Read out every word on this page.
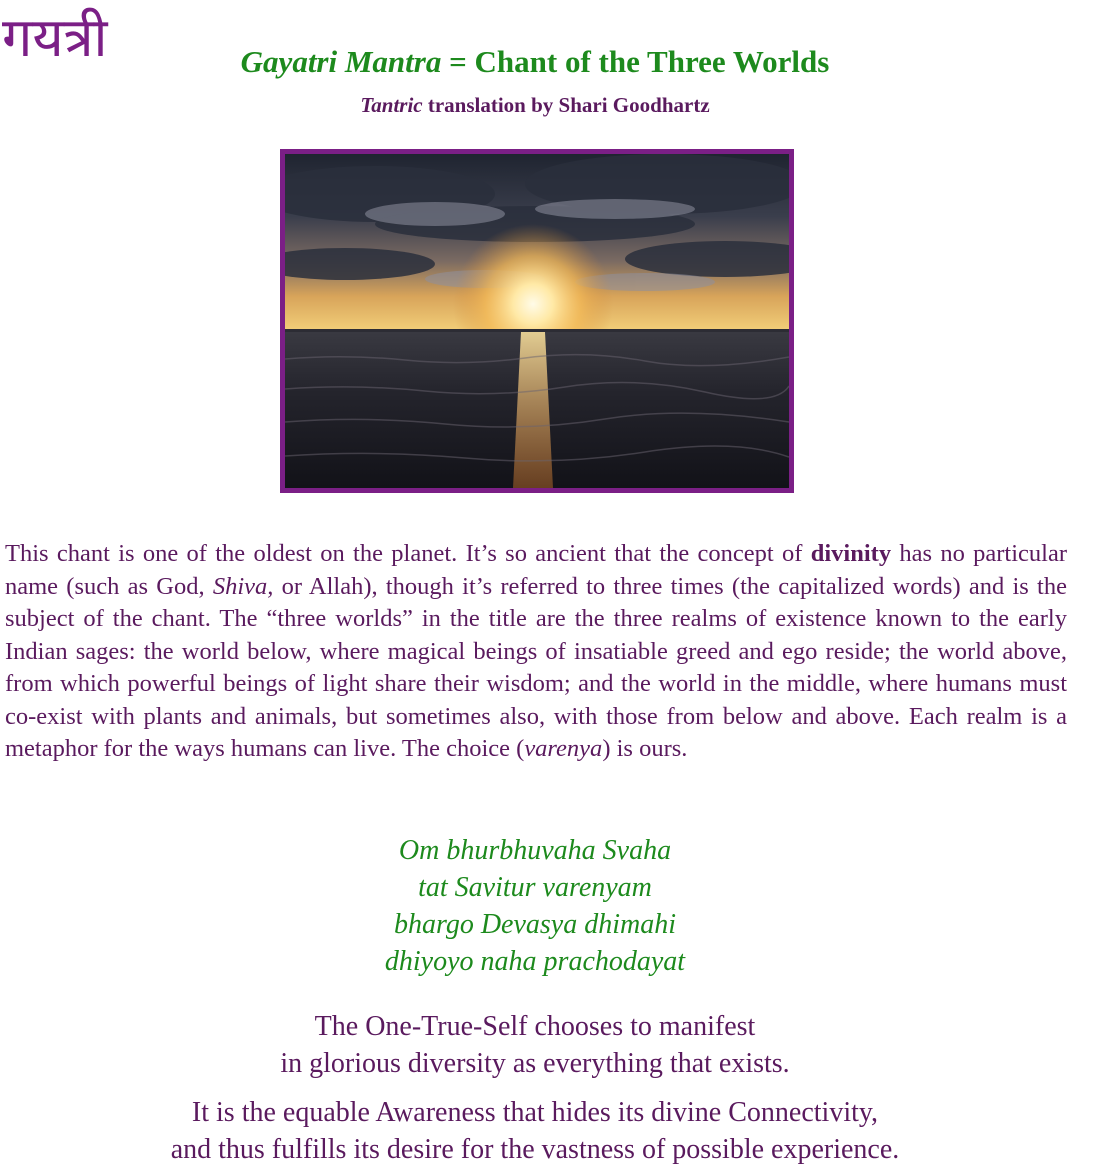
गयत्री	Gayatri Mantra = Chant of the Three Worlds
Tantric translation by Shari Goodhartz

This chant is one of the oldest on the planet. It’s so ancient that the concept of divinity has no particular name (such as God, Shiva, or Allah), though it’s referred to three times (the capitalized words) and is the subject of the chant. The “three worlds” in the title are the three realms of existence known to the early Indian sages: the world below, where magical beings of insatiable greed and ego reside; the world above, from which powerful beings of light share their wisdom; and the world in the middle, where humans must co-exist with plants and animals, but sometimes also, with those from below and above. Each realm is a metaphor for the ways humans can live. The choice (varenya) is ours.

Om bhurbhuvaha Svaha
tat Savitur varenyam
bhargo Devasya dhimahi
dhiyoyo naha prachodayat
The One-True-Self chooses to manifest
in glorious diversity as everything that exists.
It is the equable Awareness that hides its divine Connectivity,
and thus fulfills its desire for the vastness of possible experience.
